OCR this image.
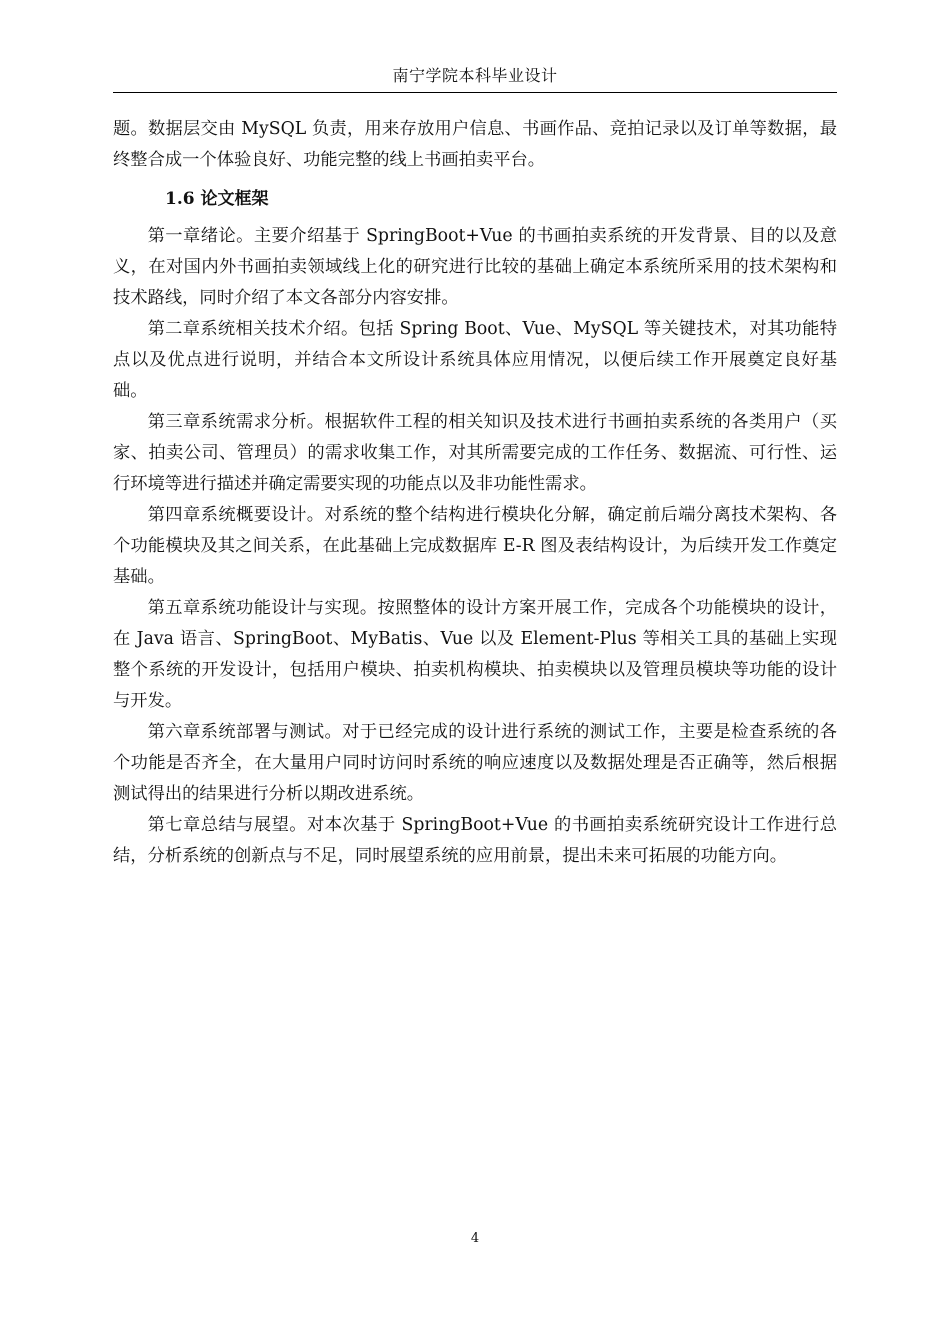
南宁学院本科毕业设计

题。数据层交由 MySQL 负责，用来存放用户信息、书画作品、竞拍记录以及订单等数据，最终整合成一个体验良好、功能完整的线上书画拍卖平台。

1.6 论文框架

第一章绪论。主要介绍基于 SpringBoot+Vue 的书画拍卖系统的开发背景、目的以及意义，在对国内外书画拍卖领域线上化的研究进行比较的基础上确定本系统所采用的技术架构和技术路线，同时介绍了本文各部分内容安排。

第二章系统相关技术介绍。包括 Spring Boot、Vue、MySQL 等关键技术，对其功能特点以及优点进行说明，并结合本文所设计系统具体应用情况，以便后续工作开展奠定良好基础。

第三章系统需求分析。根据软件工程的相关知识及技术进行书画拍卖系统的各类用户（买家、拍卖公司、管理员）的需求收集工作，对其所需要完成的工作任务、数据流、可行性、运行环境等进行描述并确定需要实现的功能点以及非功能性需求。

第四章系统概要设计。对系统的整个结构进行模块化分解，确定前后端分离技术架构、各个功能模块及其之间关系，在此基础上完成数据库 E-R 图及表结构设计，为后续开发工作奠定基础。

第五章系统功能设计与实现。按照整体的设计方案开展工作，完成各个功能模块的设计，在 Java 语言、SpringBoot、MyBatis、Vue 以及 Element-Plus 等相关工具的基础上实现整个系统的开发设计，包括用户模块、拍卖机构模块、拍卖模块以及管理员模块等功能的设计与开发。

第六章系统部署与测试。对于已经完成的设计进行系统的测试工作，主要是检查系统的各个功能是否齐全，在大量用户同时访问时系统的响应速度以及数据处理是否正确等，然后根据测试得出的结果进行分析以期改进系统。

第七章总结与展望。对本次基于 SpringBoot+Vue 的书画拍卖系统研究设计工作进行总结，分析系统的创新点与不足，同时展望系统的应用前景，提出未来可拓展的功能方向。

4
